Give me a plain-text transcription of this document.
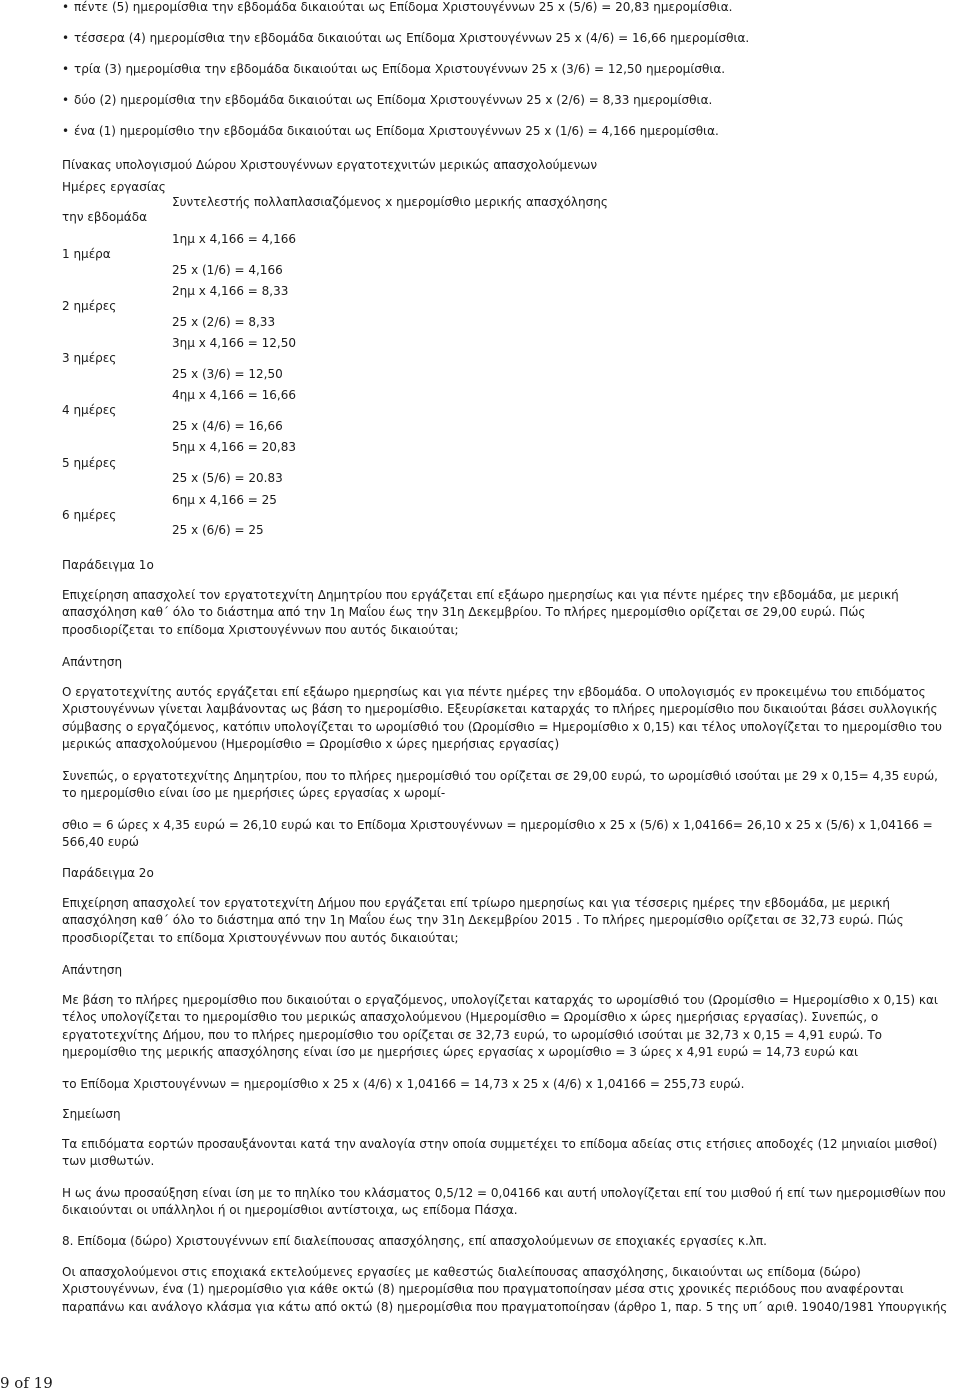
• πέντε (5) ημερομίσθια την εβδομάδα δικαιούται ως Επίδομα Χριστουγέννων 25 x (5/6) = 20,83 ημερομίσθια.
• τέσσερα (4) ημερομίσθια την εβδομάδα δικαιούται ως Επίδομα Χριστουγέννων 25 x (4/6) = 16,66 ημερομίσθια.
• τρία (3) ημερομίσθια την εβδομάδα δικαιούται ως Επίδομα Χριστουγέννων 25 x (3/6) = 12,50 ημερομίσθια.
• δύο (2) ημερομίσθια την εβδομάδα δικαιούται ως Επίδομα Χριστουγέννων 25 x (2/6) = 8,33 ημερομίσθια.
• ένα (1) ημερομίσθιο την εβδομάδα δικαιούται ως Επίδομα Χριστουγέννων 25 x (1/6) = 4,166 ημερομίσθια.
Πίνακας υπολογισμού Δώρου Χριστουγέννων εργατοτεχνιτών μερικώς απασχολούμενων
Ημέρες εργασίας
Συντελεστής πολλαπλασιαζόμενος x ημερομίσθιο μερικής απασχόλησης
την εβδομάδα
1ημ x 4,166 = 4,166
1 ημέρα
25 x (1/6) = 4,166
2ημ x 4,166 = 8,33
2 ημέρες
25 x (2/6) = 8,33
3ημ x 4,166 = 12,50
3 ημέρες
25 x (3/6) = 12,50
4ημ x 4,166 = 16,66
4 ημέρες
25 x (4/6) = 16,66
5ημ x 4,166 = 20,83
5 ημέρες
25 x (5/6) = 20.83
6ημ x 4,166 = 25
6 ημέρες
25 x (6/6) = 25
Παράδειγμα 1ο
Επιχείρηση απασχολεί τον εργατοτεχνίτη Δημητρίου που εργάζεται επί εξάωρο ημερησίως και για πέντε ημέρες την εβδομάδα, με μερική απασχόληση καθ΄ όλο το διάστημα από την 1η Μαΐου έως την 31η Δεκεμβρίου. Το πλήρες ημερομίσθιο ορίζεται σε 29,00 ευρώ. Πώς προσδιορίζεται το επίδομα Χριστουγέννων που αυτός δικαιούται;
Απάντηση
Ο εργατοτεχνίτης αυτός εργάζεται επί εξάωρο ημερησίως και για πέντε ημέρες την εβδομάδα. Ο υπολογισμός εν προκειμένω του επιδόματος Χριστουγέννων γίνεται λαμβάνοντας ως βάση το ημερομίσθιο. Εξευρίσκεται καταρχάς το πλήρες ημερομίσθιο που δικαιούται βάσει συλλογικής σύμβασης ο εργαζόμενος, κατόπιν υπολογίζεται το ωρομίσθιό του (Ωρομίσθιο = Ημερομίσθιο x 0,15) και τέλος υπολογίζεται το ημερομίσθιο του μερικώς απασχολούμενου (Ημερομίσθιο = Ωρομίσθιο x ώρες ημερήσιας εργασίας)
Συνεπώς, ο εργατοτεχνίτης Δημητρίου, που το πλήρες ημερομίσθιό του ορίζεται σε 29,00 ευρώ, το ωρομίσθιό ισούται με 29 x 0,15= 4,35 ευρώ, το ημερομίσθιο είναι ίσο με ημερήσιες ώρες εργασίας x ωρομί-
σθιο = 6 ώρες x 4,35 ευρώ = 26,10 ευρώ και το Επίδομα Χριστουγέννων = ημερομίσθιο x 25 x (5/6) x 1,04166= 26,10 x 25 x (5/6) x 1,04166 = 566,40 ευρώ
Παράδειγμα 2ο
Επιχείρηση απασχολεί τον εργατοτεχνίτη Δήμου που εργάζεται επί τρίωρο ημερησίως και για τέσσερις ημέρες την εβδομάδα, με μερική απασχόληση καθ΄ όλο το διάστημα από την 1η Μαΐου έως την 31η Δεκεμβρίου 2015 . Το πλήρες ημερομίσθιο ορίζεται σε 32,73 ευρώ. Πώς προσδιορίζεται το επίδομα Χριστουγέννων που αυτός δικαιούται;
Απάντηση
Με βάση το πλήρες ημερομίσθιο που δικαιούται ο εργαζόμενος, υπολογίζεται καταρχάς το ωρομίσθιό του (Ωρομίσθιο = Ημερομίσθιο x 0,15) και τέλος υπολογίζεται το ημερομίσθιο του μερικώς απασχολούμενου (Ημερομίσθιο = Ωρομίσθιο x ώρες ημερήσιας εργασίας). Συνεπώς, ο εργατοτεχνίτης Δήμου, που το πλήρες ημερομίσθιο του ορίζεται σε 32,73 ευρώ, το ωρομίσθιό ισούται με 32,73 x 0,15 = 4,91 ευρώ. Το ημερομίσθιο της μερικής απασχόλησης είναι ίσο με ημερήσιες ώρες εργασίας x ωρομίσθιο = 3 ώρες x 4,91 ευρώ = 14,73 ευρώ και
το Επίδομα Χριστουγέννων = ημερομίσθιο x 25 x (4/6) x 1,04166 = 14,73 x 25 x (4/6) x 1,04166 = 255,73 ευρώ.
Σημείωση
Τα επιδόματα εορτών προσαυξάνονται κατά την αναλογία στην οποία συμμετέχει το επίδομα αδείας στις ετήσιες αποδοχές (12 μηνιαίοι μισθοί) των μισθωτών.
Η ως άνω προσαύξηση είναι ίση με το πηλίκο του κλάσματος 0,5/12 = 0,04166 και αυτή υπολογίζεται επί του μισθού ή επί των ημερομισθίων που δικαιούνται οι υπάλληλοι ή οι ημερομίσθιοι αντίστοιχα, ως επίδομα Πάσχα.
8. Επίδομα (δώρο) Χριστουγέννων επί διαλείπουσας απασχόλησης, επί απασχολούμενων σε εποχιακές εργασίες κ.λπ.
Οι απασχολούμενοι στις εποχιακά εκτελούμενες εργασίες με καθεστώς διαλείπουσας απασχόλησης, δικαιούνται ως επίδομα (δώρο) Χριστουγέννων, ένα (1) ημερομίσθιο για κάθε οκτώ (8) ημερομίσθια που πραγματοποίησαν μέσα στις χρονικές περιόδους που αναφέρονται παραπάνω και ανάλογο κλάσμα για κάτω από οκτώ (8) ημερομίσθια που πραγματοποίησαν (άρθρο 1, παρ. 5 της υπ΄ αριθ. 19040/1981 Υπουργικής
9 of 19
